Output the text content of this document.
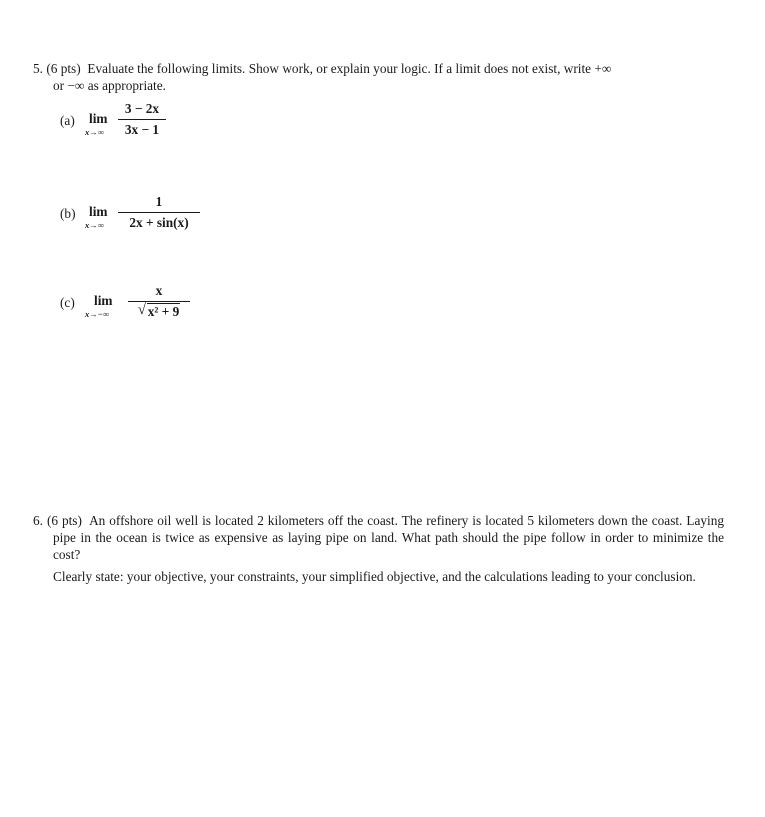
5. (6 pts) Evaluate the following limits. Show work, or explain your logic. If a limit does not exist, write +∞
or −∞ as appropriate.
(a) lim
x→∞
3 − 2x
3x − 1
(b) lim
x→∞
1
2x + sin(x)
(c) lim
x→−∞
x
√ x² + 9
6. (6 pts) An offshore oil well is located 2 kilometers off the coast. The refinery is located 5 kilometers down the coast. Laying pipe in the ocean is twice as expensive as laying pipe on land. What path should the pipe follow in order to minimize the cost?
Clearly state: your objective, your constraints, your simplified objective, and the calculations leading to your conclusion.
